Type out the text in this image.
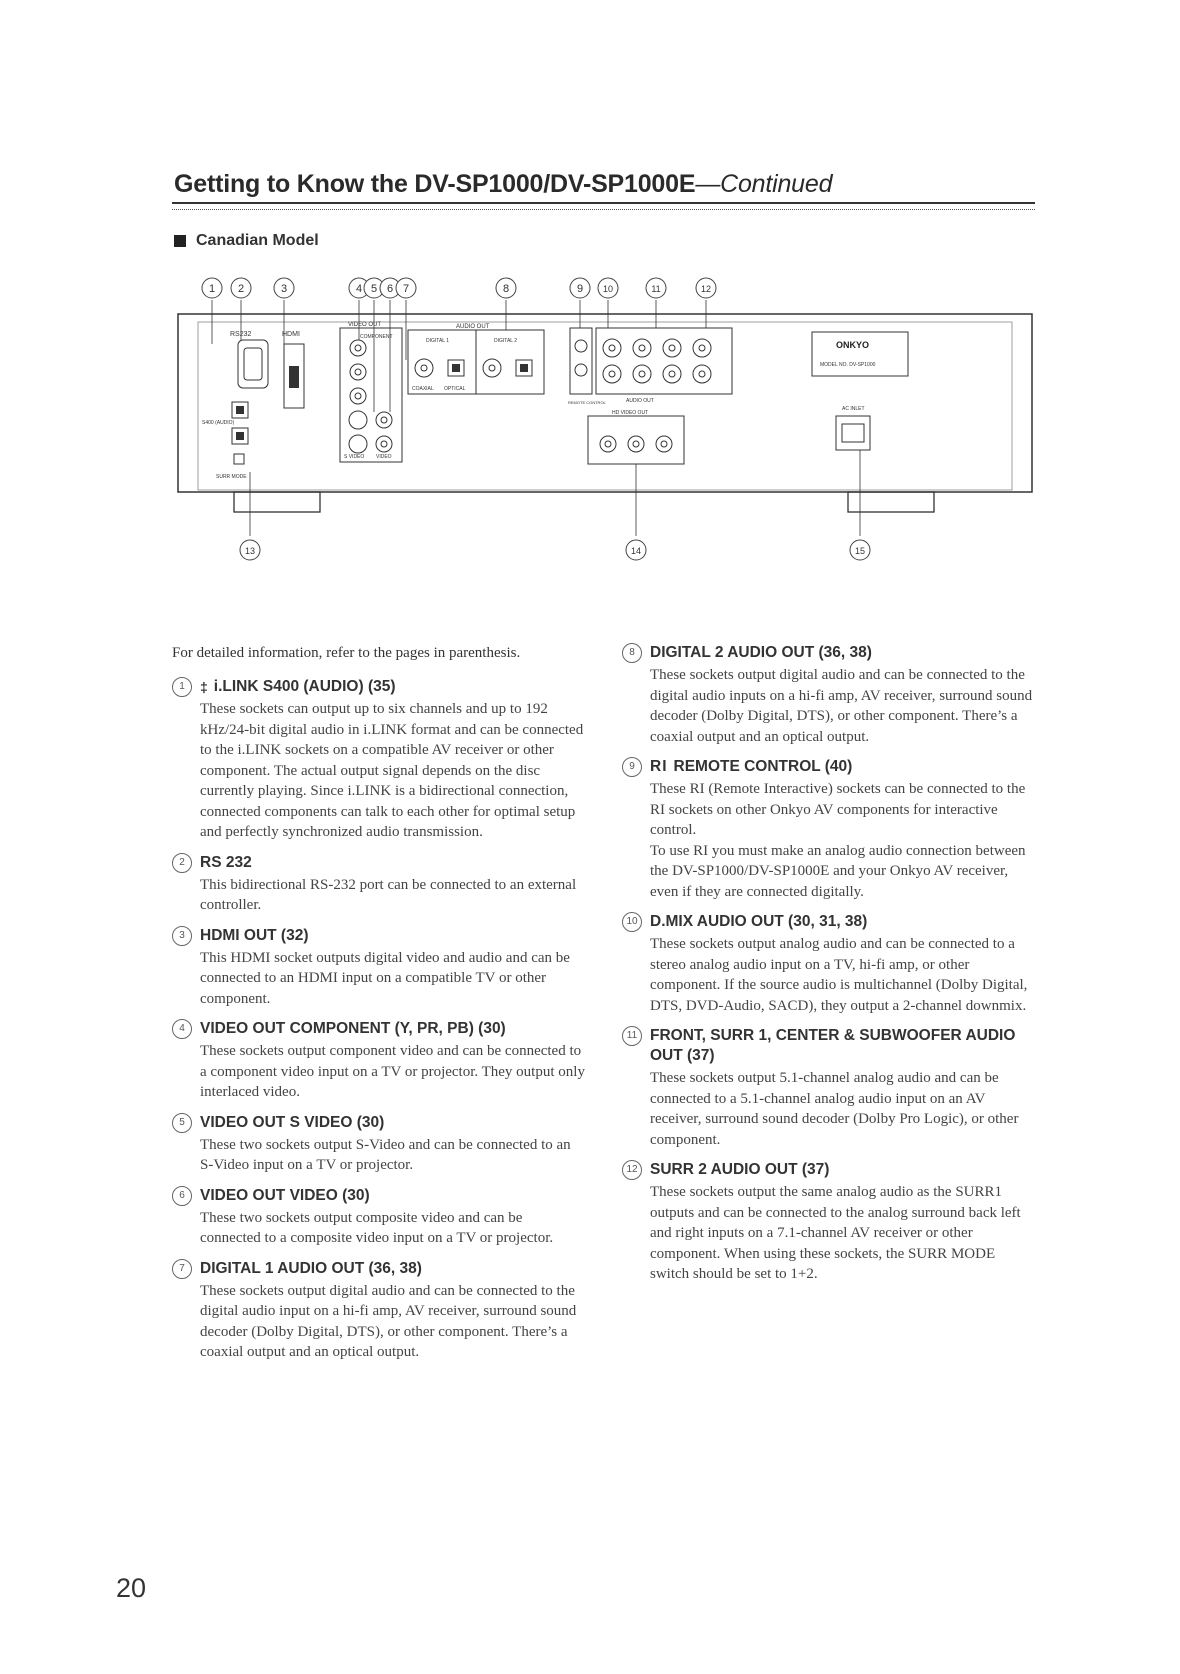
Getting to Know the DV-SP1000/DV-SP1000E—Continued
Canadian Model
RS232	HDMI
S400 (AUDIO)
SURR MODE
VIDEO OUT
COMPONENT
S VIDEO VIDEO
AUDIO OUT
DIGITAL 1	DIGITAL 2
COAXIAL OPTICAL
REMOTE CONTROL	AUDIO OUT
HD VIDEO OUT
ONKYO
MODEL NO. DV-SP1000
AC INLET
1 2	3	4 5 6 7	8	9 10	11	12
13	14	15

For detailed information, refer to the pages in parenthesis.

1	‡ i.LINK S400 (AUDIO) (35)

These sockets can output up to six channels and up to 192 kHz/24-bit digital audio in i.LINK format and can be connected to the i.LINK sockets on a compatible AV receiver or other component. The actual output signal depends on the disc currently playing. Since i.LINK is a bidirectional connection, connected components can talk to each other for optimal setup and perfectly synchronized audio transmission.

2 RS 232

This bidirectional RS-232 port can be connected to an external controller.

3 HDMI OUT (32)

This HDMI socket outputs digital video and audio and can be connected to an HDMI input on a compatible TV or other component.

4 VIDEO OUT COMPONENT (Y, PR, PB) (30)

These sockets output component video and can be connected to a component video input on a TV or projector. They output only interlaced video.

5 VIDEO OUT S VIDEO (30)

These two sockets output S-Video and can be connected to an S-Video input on a TV or projector.

6 VIDEO OUT VIDEO (30)

These two sockets output composite video and can be connected to a composite video input on a TV or projector.

7 DIGITAL 1 AUDIO OUT (36, 38)

These sockets output digital audio and can be connected to the digital audio input on a hi-fi amp, AV receiver, surround sound decoder (Dolby Digital, DTS), or other component. There’s a coaxial output and an optical output.

8 DIGITAL 2 AUDIO OUT (36, 38)

These sockets output digital audio and can be connected to the digital audio inputs on a hi-fi amp, AV receiver, surround sound decoder (Dolby Digital, DTS), or other component. There’s a coaxial output and an optical output.

9 RI REMOTE CONTROL (40)

These RI (Remote Interactive) sockets can be connected to the RI sockets on other Onkyo AV components for interactive control.

To use RI you must make an analog audio connection between the DV-SP1000/DV-SP1000E and your Onkyo AV receiver, even if they are connected digitally.

10 D.MIX AUDIO OUT (30, 31, 38)

These sockets output analog audio and can be connected to a stereo analog audio input on a TV, hi-fi amp, or other component. If the source audio is multichannel (Dolby Digital, DTS, DVD-Audio, SACD), they output a 2-channel downmix.

11 FRONT, SURR 1, CENTER & SUBWOOFER AUDIO OUT (37)

These sockets output 5.1-channel analog audio and can be connected to a 5.1-channel analog audio input on an AV receiver, surround sound decoder (Dolby Pro Logic), or other component.

12 SURR 2 AUDIO OUT (37)

These sockets output the same analog audio as the SURR1 outputs and can be connected to the analog surround back left and right inputs on a 7.1-channel AV receiver or other component. When using these sockets, the SURR MODE switch should be set to 1+2.

20
